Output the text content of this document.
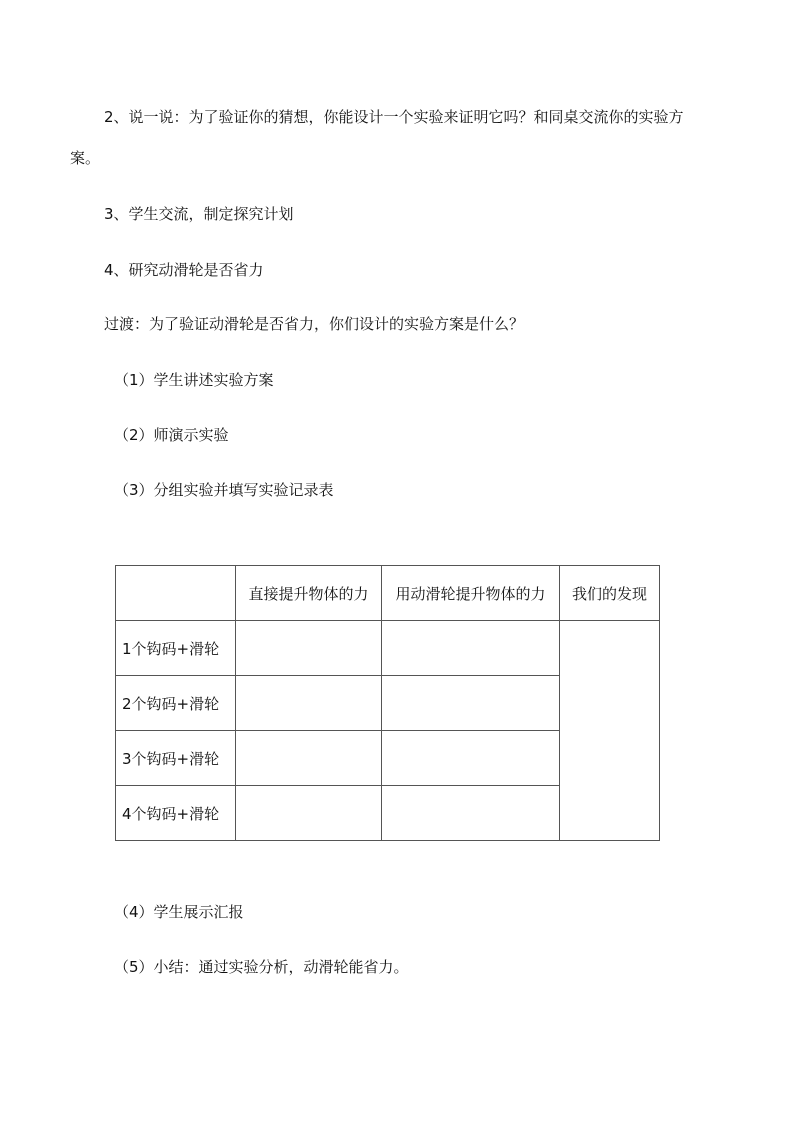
2、说一说：为了验证你的猜想，你能设计一个实验来证明它吗？和同桌交流你的实验方
案。
3、学生交流，制定探究计划
4、研究动滑轮是否省力
过渡：为了验证动滑轮是否省力，你们设计的实验方案是什么？
（1）学生讲述实验方案
（2）师演示实验
（3）分组实验并填写实验记录表
	直接提升物体的力	用动滑轮提升物体的力	我们的发现
1个钩码+滑轮			
2个钩码+滑轮			
3个钩码+滑轮			
4个钩码+滑轮			
（4）学生展示汇报
（5）小结：通过实验分析，动滑轮能省力。
